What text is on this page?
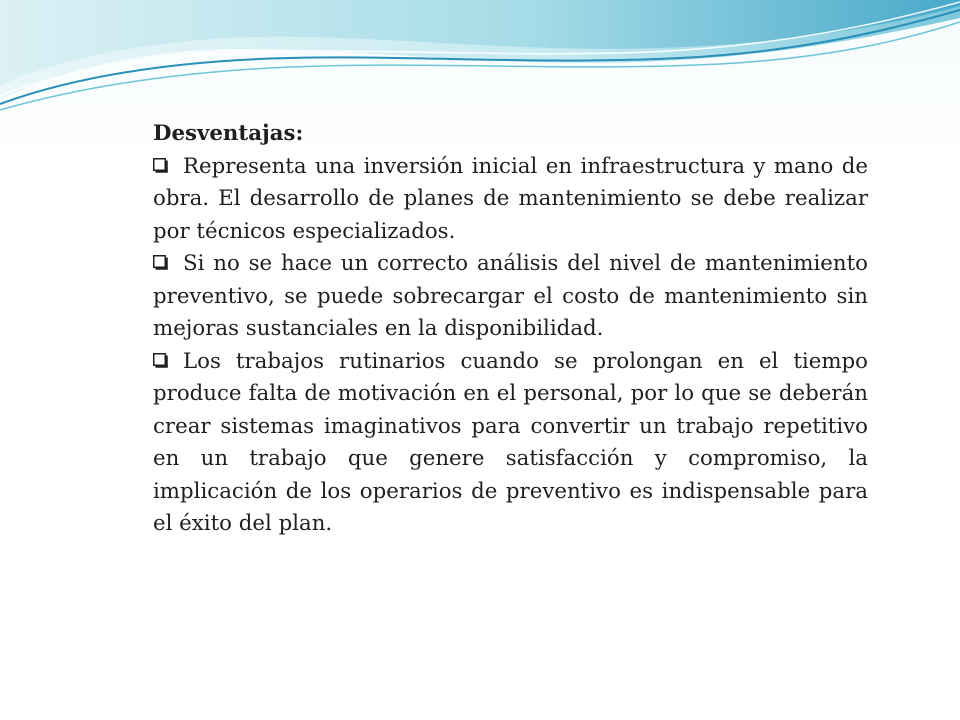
Desventajas:

Representa una inversión inicial en infraestructura y mano de obra. El desarrollo de planes de mantenimiento se debe realizar por técnicos especializados.

Si no se hace un correcto análisis del nivel de mantenimiento preventivo, se puede sobrecargar el costo de mantenimiento sin mejoras sustanciales en la disponibilidad.

Los trabajos rutinarios cuando se prolongan en el tiempo produce falta de motivación en el personal, por lo que se deberán crear sistemas imaginativos para convertir un trabajo repetitivo en un trabajo que genere satisfacción y compromiso, la implicación de los operarios de preventivo es indispensable para el éxito del plan.
